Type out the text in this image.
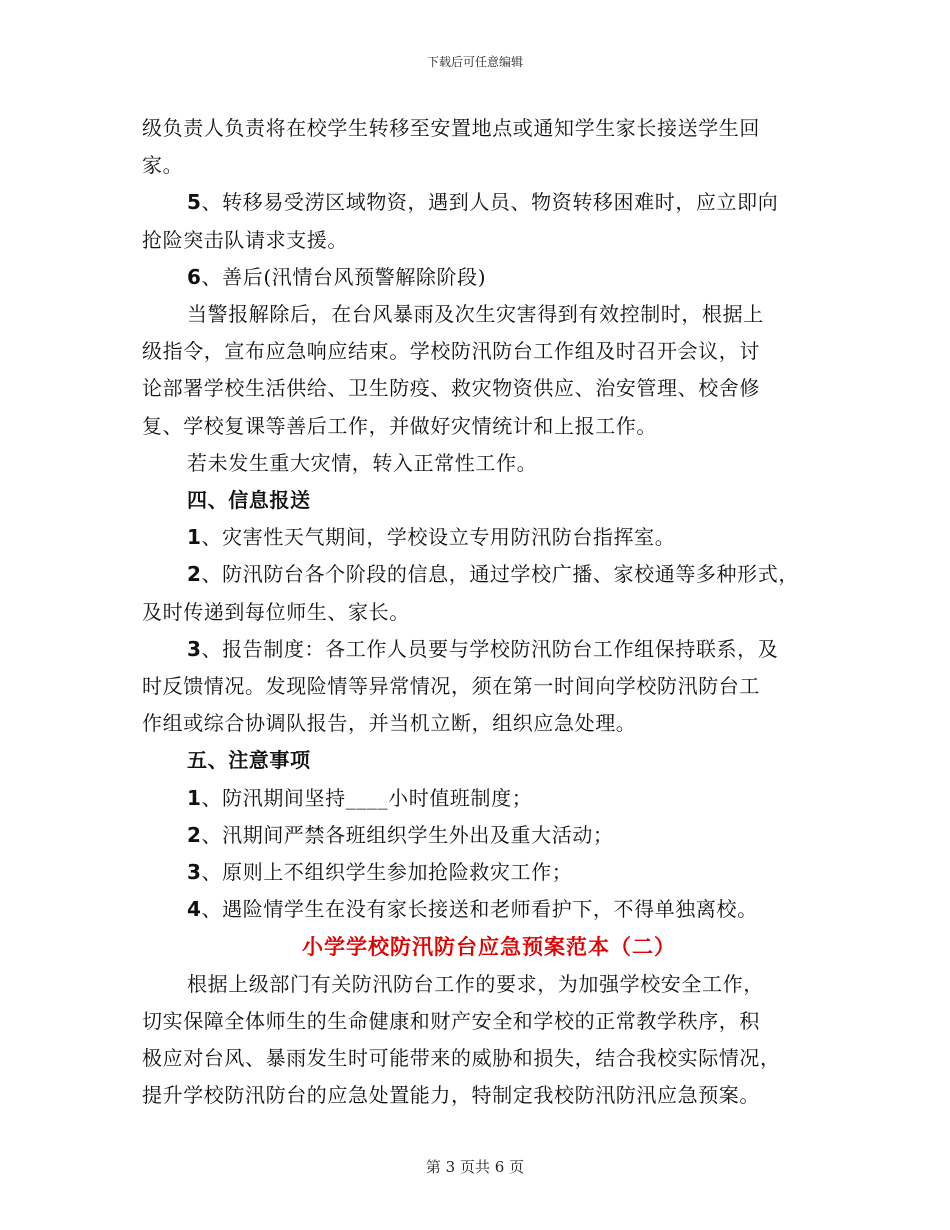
下载后可任意编辑
级负责人负责将在校学生转移至安置地点或通知学生家长接送学生回
家。
5、转移易受涝区域物资，遇到人员、物资转移困难时，应立即向
抢险突击队请求支援。
6、善后(汛情台风预警解除阶段)
当警报解除后，在台风暴雨及次生灾害得到有效控制时，根据上
级指令，宣布应急响应结束。学校防汛防台工作组及时召开会议，讨
论部署学校生活供给、卫生防疫、救灾物资供应、治安管理、校舍修
复、学校复课等善后工作，并做好灾情统计和上报工作。
若未发生重大灾情，转入正常性工作。
四、信息报送
1、灾害性天气期间，学校设立专用防汛防台指挥室。
2、防汛防台各个阶段的信息，通过学校广播、家校通等多种形式，
及时传递到每位师生、家长。
3、报告制度：各工作人员要与学校防汛防台工作组保持联系，及
时反馈情况。发现险情等异常情况，须在第一时间向学校防汛防台工
作组或综合协调队报告，并当机立断，组织应急处理。
五、注意事项
1、防汛期间坚持____小时值班制度；
2、汛期间严禁各班组织学生外出及重大活动；
3、原则上不组织学生参加抢险救灾工作；
4、遇险情学生在没有家长接送和老师看护下，不得单独离校。
小学学校防汛防台应急预案范本（二）
根据上级部门有关防汛防台工作的要求，为加强学校安全工作，
切实保障全体师生的生命健康和财产安全和学校的正常教学秩序，积
极应对台风、暴雨发生时可能带来的威胁和损失，结合我校实际情况，
提升学校防汛防台的应急处置能力，特制定我校防汛防汛应急预案。
第 3 页共 6 页
